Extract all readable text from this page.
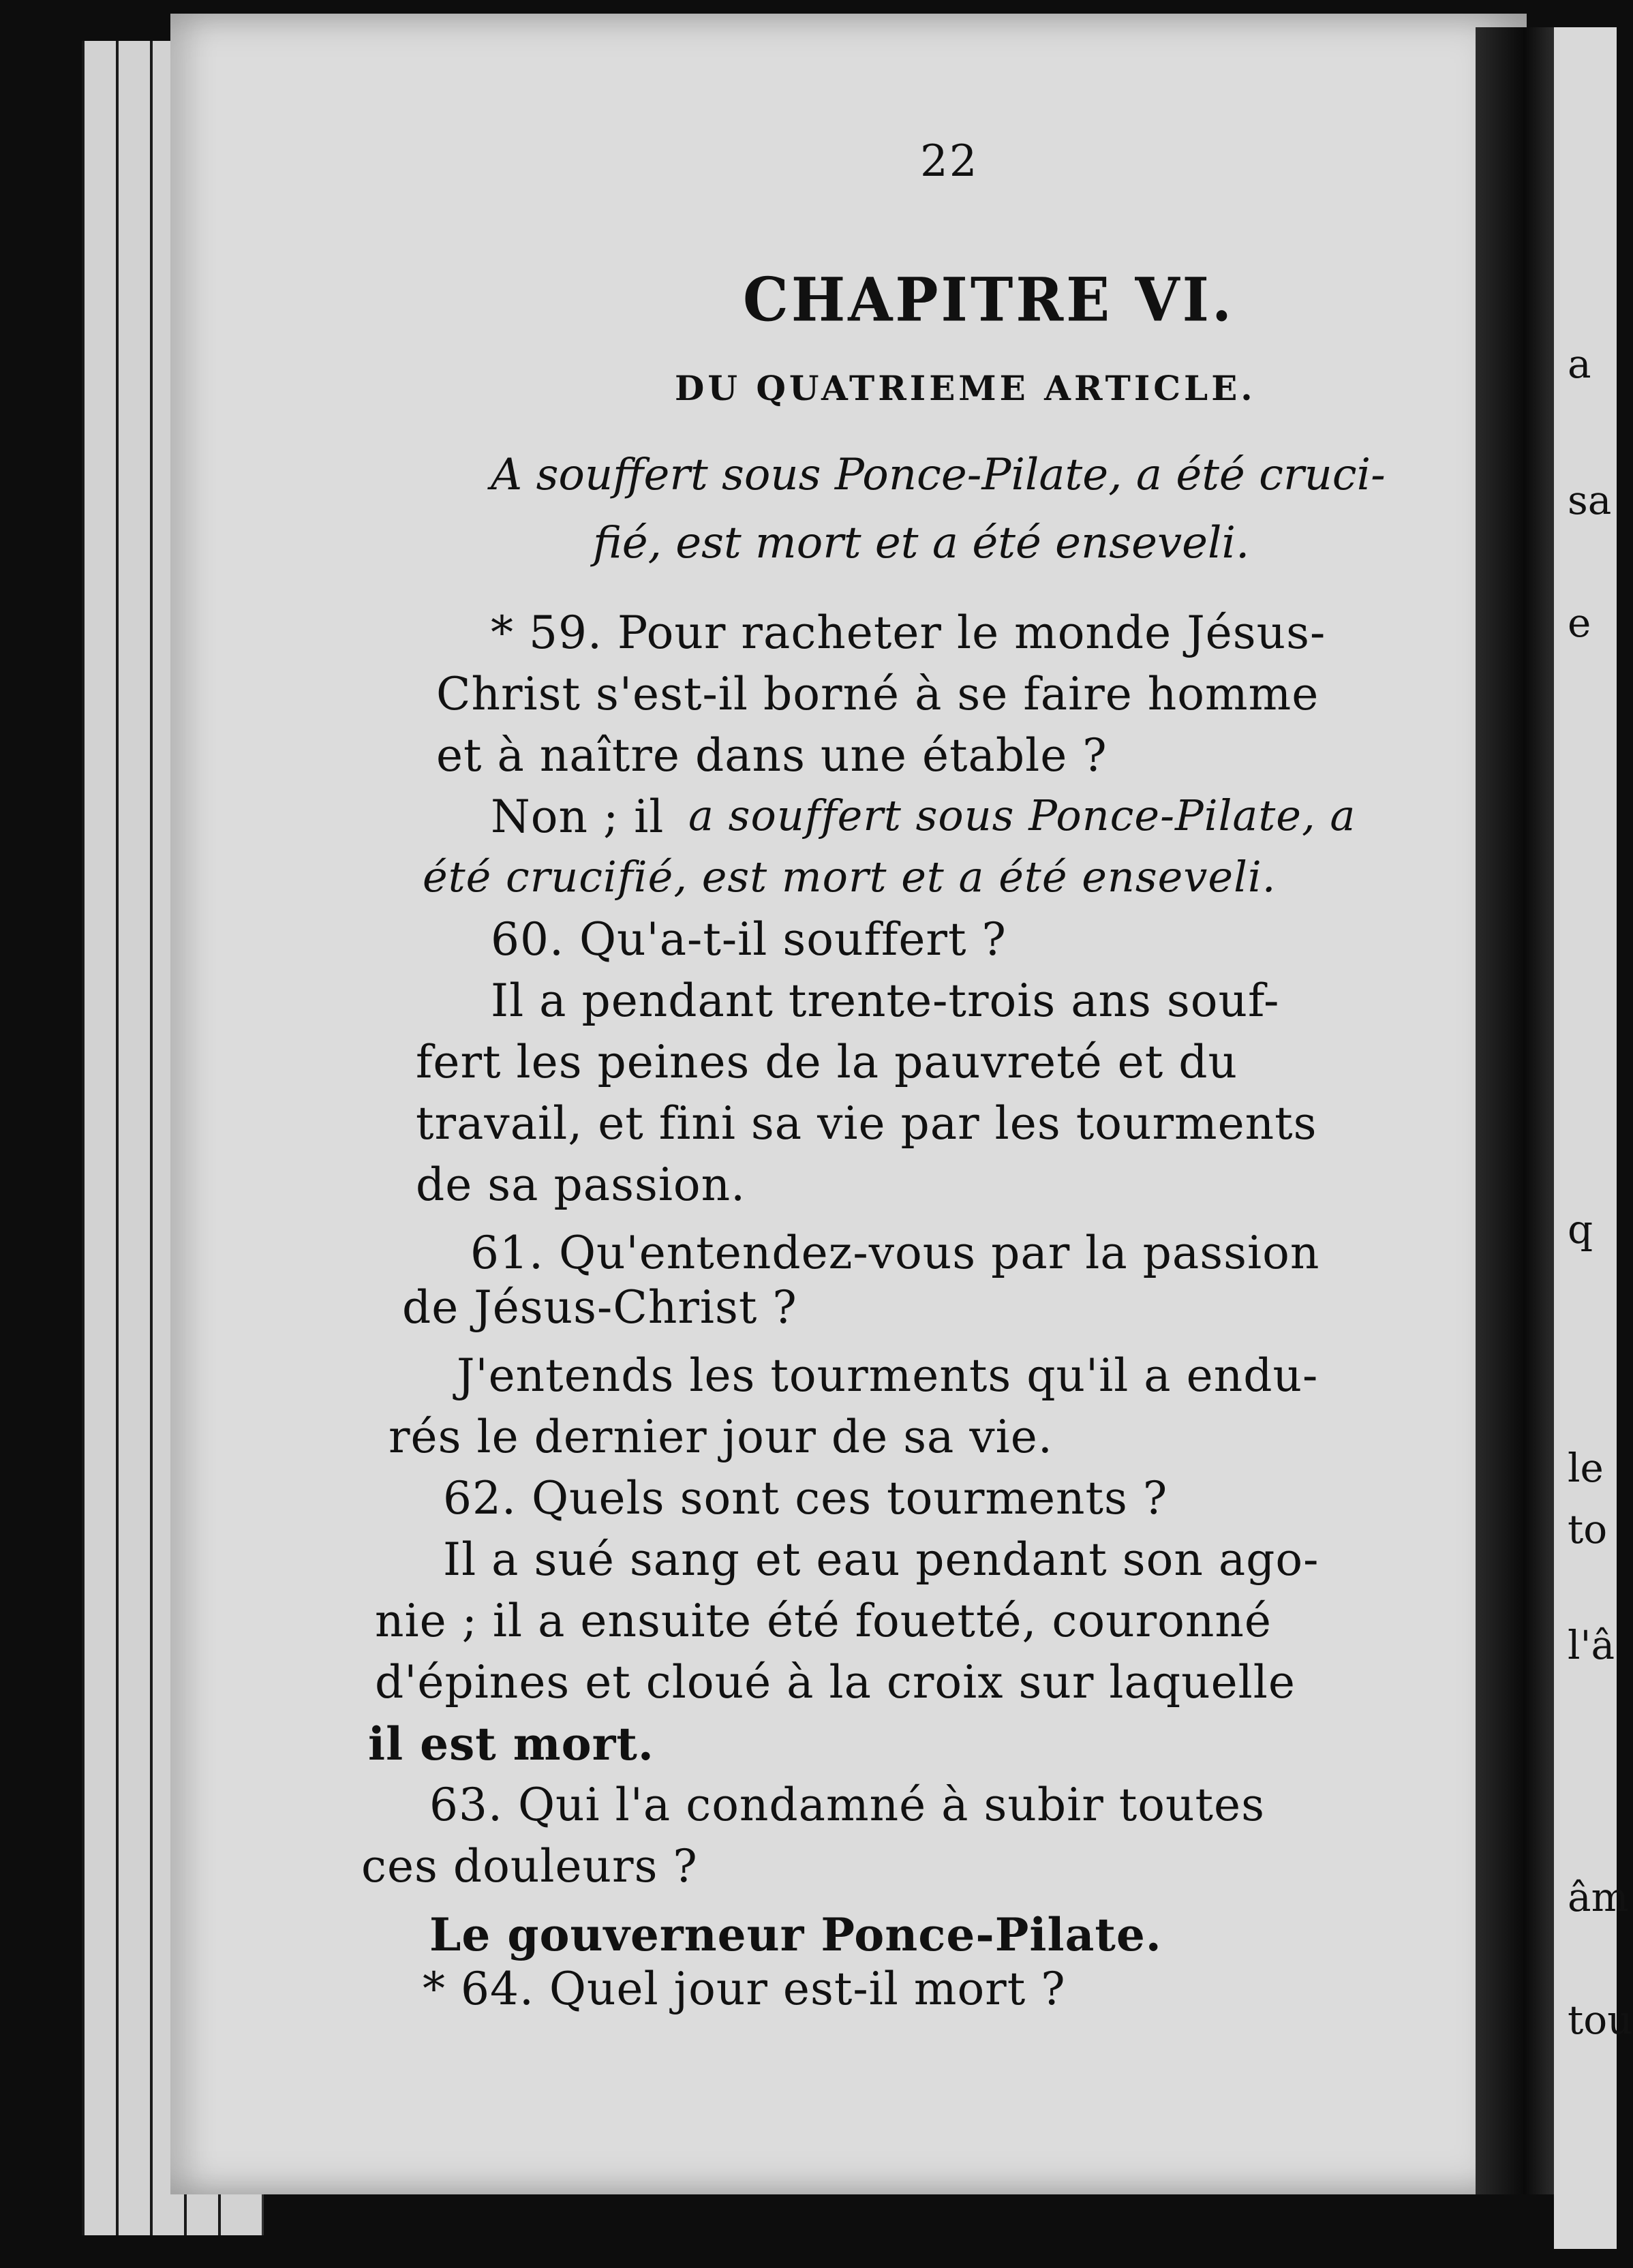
22
CHAPITRE VI.
DU QUATRIEME ARTICLE.
A souffert sous Ponce-Pilate, a été cruci-
fié, est mort et a été enseveli.
* 59. Pour racheter le monde Jésus-
Christ s'est-il borné à se faire homme
et à naître dans une étable ?
Non ; il a souffert sous Ponce-Pilate, a
été crucifié, est mort et a été enseveli.
60. Qu'a-t-il souffert ?
Il a pendant trente-trois ans souf-
fert les peines de la pauvreté et du
travail, et fini sa vie par les tourments
de sa passion.
61. Qu'entendez-vous par la passion
de Jésus-Christ ?
J'entends les tourments qu'il a endu-
rés le dernier jour de sa vie.
62. Quels sont ces tourments ?
Il a sué sang et eau pendant son ago-
nie ; il a ensuite été fouetté, couronné
d'épines et cloué à la croix sur laquelle
il est mort.
63. Qui l'a condamné à subir toutes
ces douleurs ?
Le gouverneur Ponce-Pilate.
* 64. Quel jour est-il mort ?
a
sa
e
q
le
to
l'â
âm
tou
